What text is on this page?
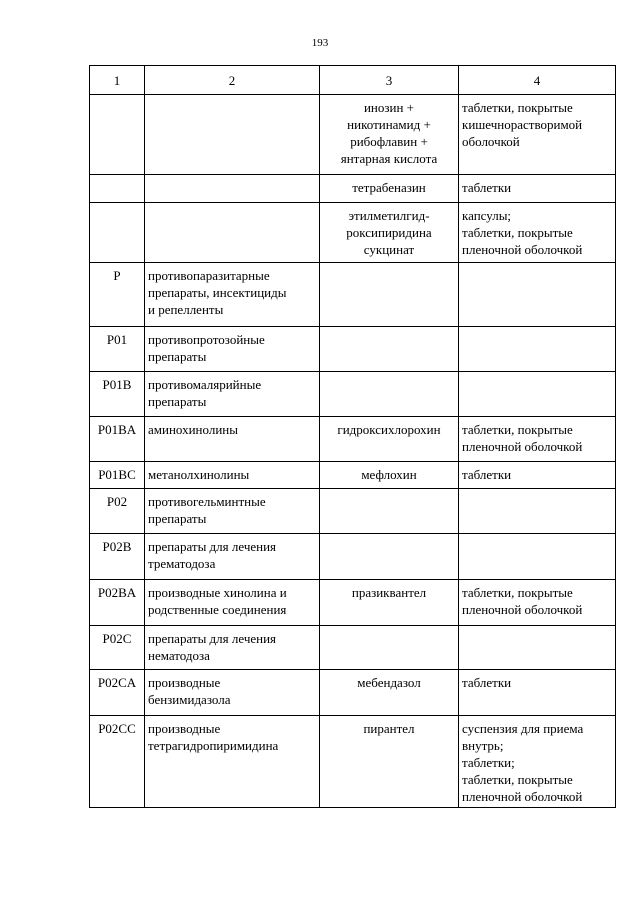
193
1	2	3	4

		инозин +
никотинамид +
рибофлавин +
янтарная кислота	таблетки, покрытые
кишечнорастворимой
оболочкой

		тетрабеназин	таблетки

		этилметилгид-
роксипиридина
сукцинат	капсулы;
таблетки, покрытые
пленочной оболочкой

P	противопаразитарные
препараты, инсектициды
и репелленты		

P01	противопротозойные
препараты		

P01B	противомалярийные
препараты		

P01BA	аминохинолины	гидроксихлорохин	таблетки, покрытые
пленочной оболочкой

P01BC	метанолхинолины	мефлохин	таблетки

P02	противогельминтные
препараты		

P02B	препараты для лечения
трематодоза		

P02BA	производные хинолина и
родственные соединения	празиквантел	таблетки, покрытые
пленочной оболочкой

P02C	препараты для лечения
нематодоза		

P02CA	производные
бензимидазола	мебендазол	таблетки

P02CC	производные
тетрагидропиримидина	пирантел	суспензия для приема
внутрь;
таблетки;
таблетки, покрытые
пленочной оболочкой
